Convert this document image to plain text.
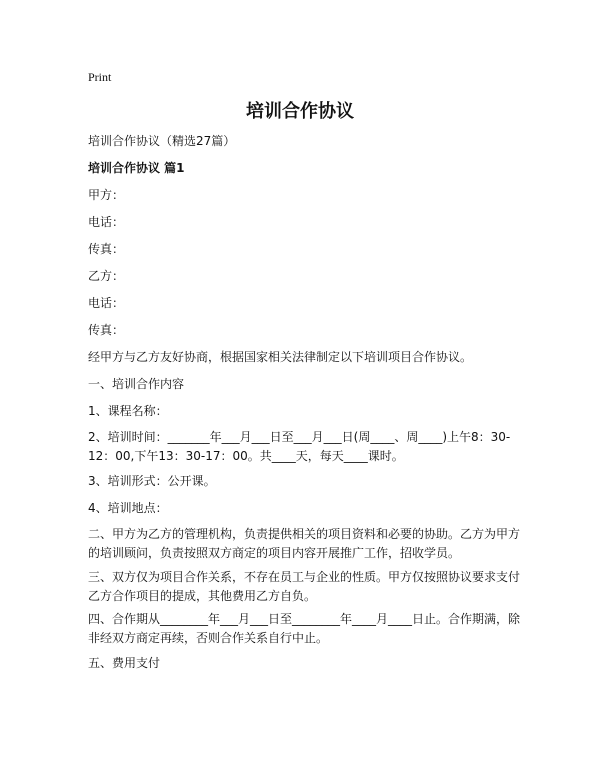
Print
培训合作协议
培训合作协议（精选27篇）
培训合作协议 篇1
甲方：
电话：
传真：
乙方：
电话：
传真：
经甲方与乙方友好协商，根据国家相关法律制定以下培训项目合作协议。
一、培训合作内容
1、课程名称：
2、培训时间：_______年___月___日至___月___日(周____、周____)上午8：30-12：00,下午13：30-17：00。共____天，每天____课时。
3、培训形式：公开课。
4、培训地点：
二、甲方为乙方的管理机构，负责提供相关的项目资料和必要的协助。乙方为甲方的培训顾问，负责按照双方商定的项目内容开展推广工作，招收学员。
三、双方仅为项目合作关系，不存在员工与企业的性质。甲方仅按照协议要求支付乙方合作项目的提成，其他费用乙方自负。
四、合作期从________年___月___日至________年____月____日止。合作期满，除非经双方商定再续，否则合作关系自行中止。
五、费用支付
